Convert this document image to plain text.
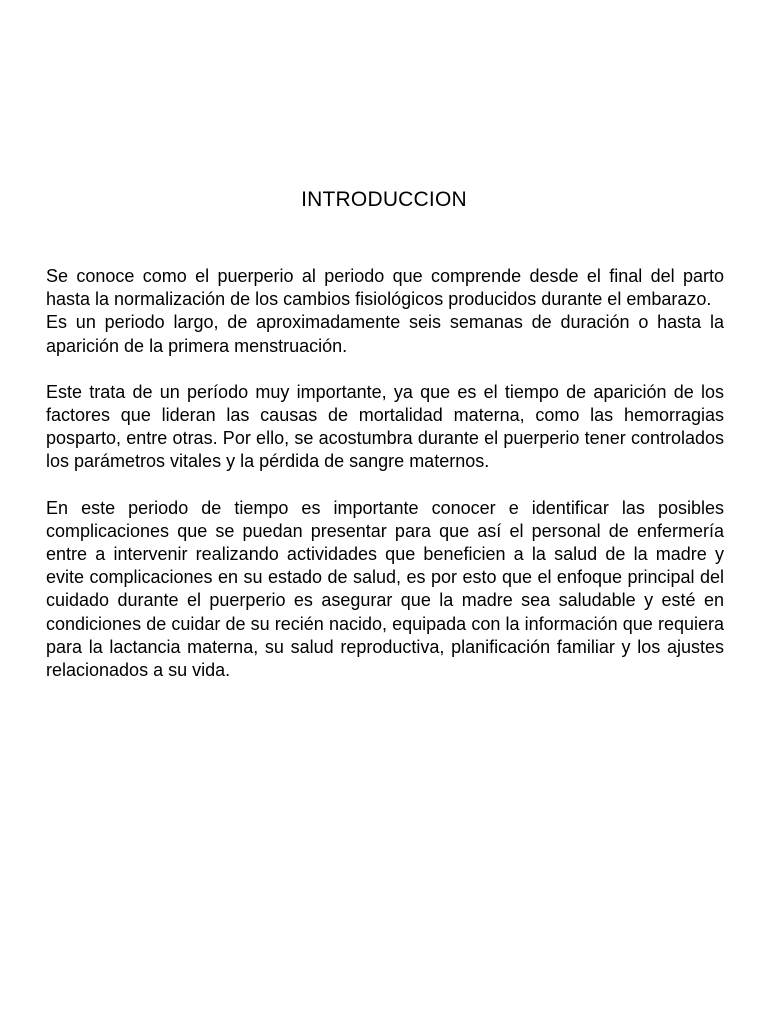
INTRODUCCION

Se conoce como el puerperio al periodo que comprende desde el final del parto hasta la normalización de los cambios fisiológicos producidos durante el embarazo.

Es un periodo largo, de aproximadamente seis semanas de duración o hasta la aparición de la primera menstruación.

Este trata de un período muy importante, ya que es el tiempo de aparición de los factores que lideran las causas de mortalidad materna, como las hemorragias posparto, entre otras. Por ello, se acostumbra durante el puerperio tener controlados los parámetros vitales y la pérdida de sangre maternos.

En este periodo de tiempo es importante conocer e identificar las posibles complicaciones que se puedan presentar para que así el personal de enfermería entre a intervenir realizando actividades que beneficien a la salud de la madre y evite complicaciones en su estado de salud, es por esto que el enfoque principal del cuidado durante el puerperio es asegurar que la madre sea saludable y esté en condiciones de cuidar de su recién nacido, equipada con la información que requiera para la lactancia materna, su salud reproductiva, planificación familiar y los ajustes relacionados a su vida.
